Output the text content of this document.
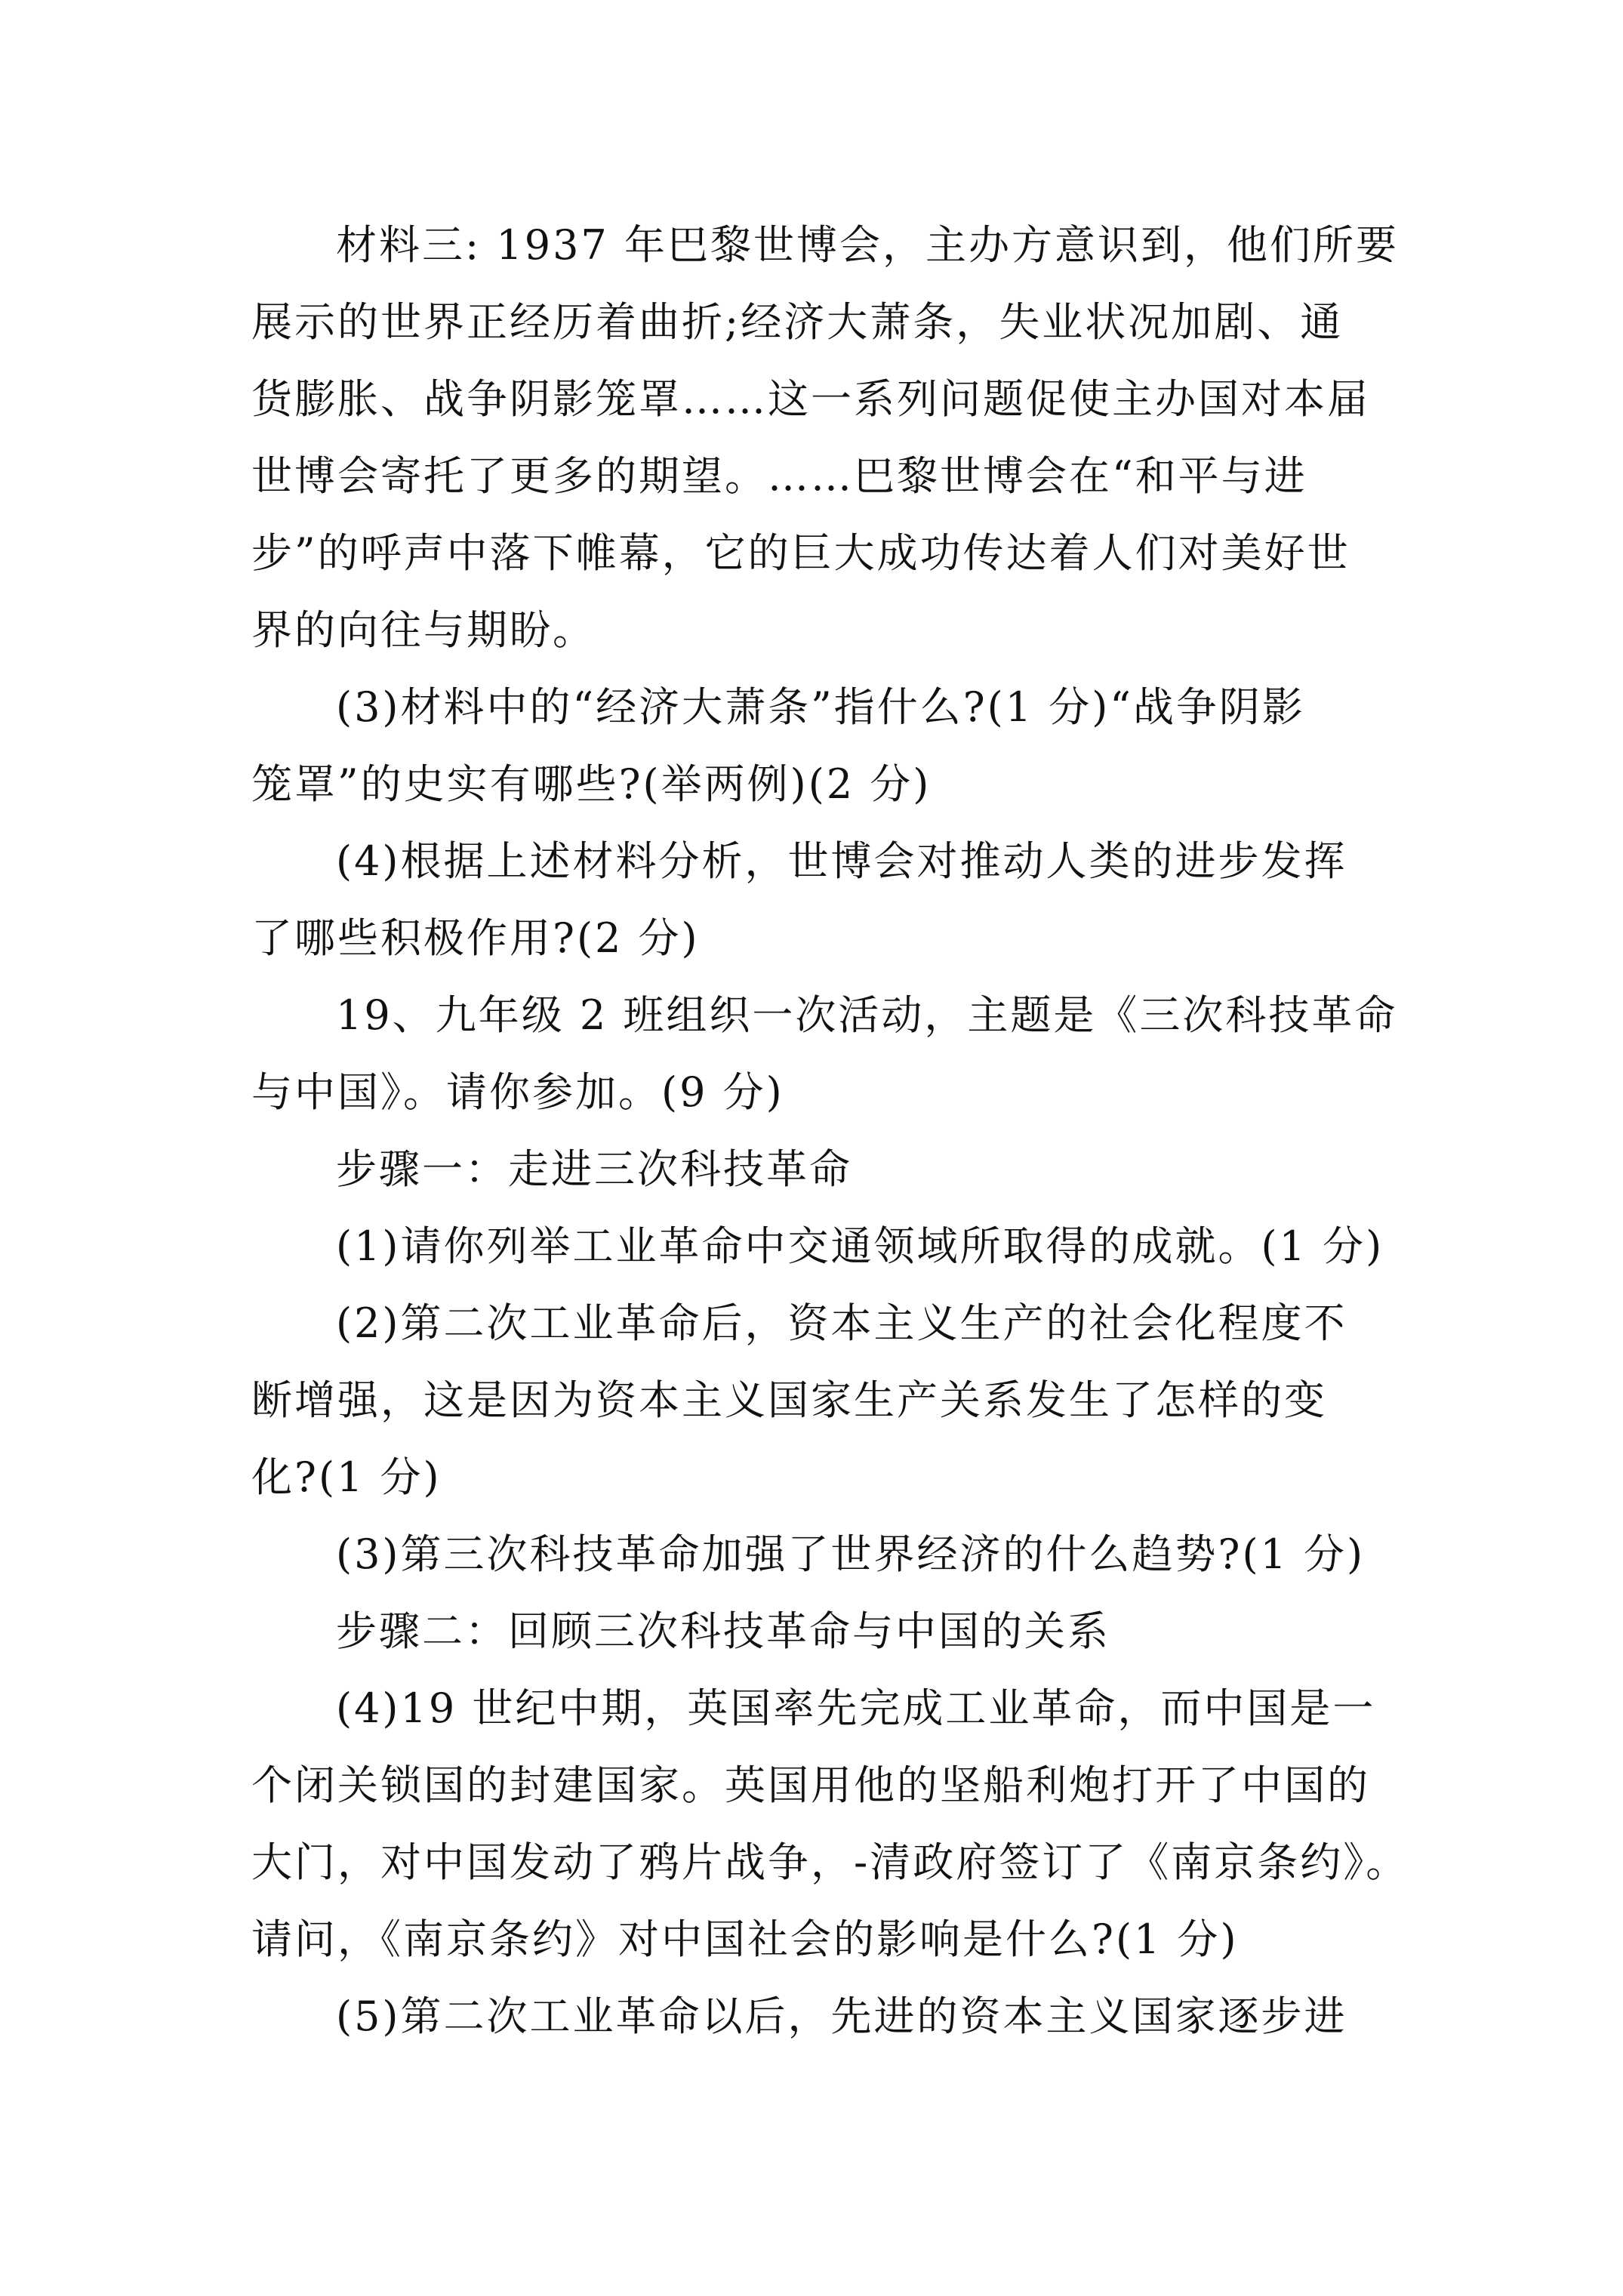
材料三: 1937 年巴黎世博会，主办方意识到，他们所要
展示的世界正经历着曲折;经济大萧条，失业状况加剧、通
货膨胀、战争阴影笼罩……这一系列问题促使主办国对本届
世博会寄托了更多的期望。……巴黎世博会在“和平与进
步”的呼声中落下帷幕，它的巨大成功传达着人们对美好世
界的向往与期盼。
(3)材料中的“经济大萧条”指什么?(1 分)“战争阴影
笼罩”的史实有哪些?(举两例)(2 分)
(4)根据上述材料分析，世博会对推动人类的进步发挥
了哪些积极作用?(2 分)
19、九年级 2 班组织一次活动，主题是《三次科技革命
与中国》。请你参加。(9 分)
步骤一：走进三次科技革命
(1)请你列举工业革命中交通领域所取得的成就。(1 分)
(2)第二次工业革命后，资本主义生产的社会化程度不
断增强，这是因为资本主义国家生产关系发生了怎样的变
化?(1 分)
(3)第三次科技革命加强了世界经济的什么趋势?(1 分)
步骤二：回顾三次科技革命与中国的关系
(4)19 世纪中期，英国率先完成工业革命，而中国是一
个闭关锁国的封建国家。英国用他的坚船利炮打开了中国的
大门，对中国发动了鸦片战争，-清政府签订了《南京条约》。
请问，《南京条约》对中国社会的影响是什么?(1 分)
(5)第二次工业革命以后，先进的资本主义国家逐步进
